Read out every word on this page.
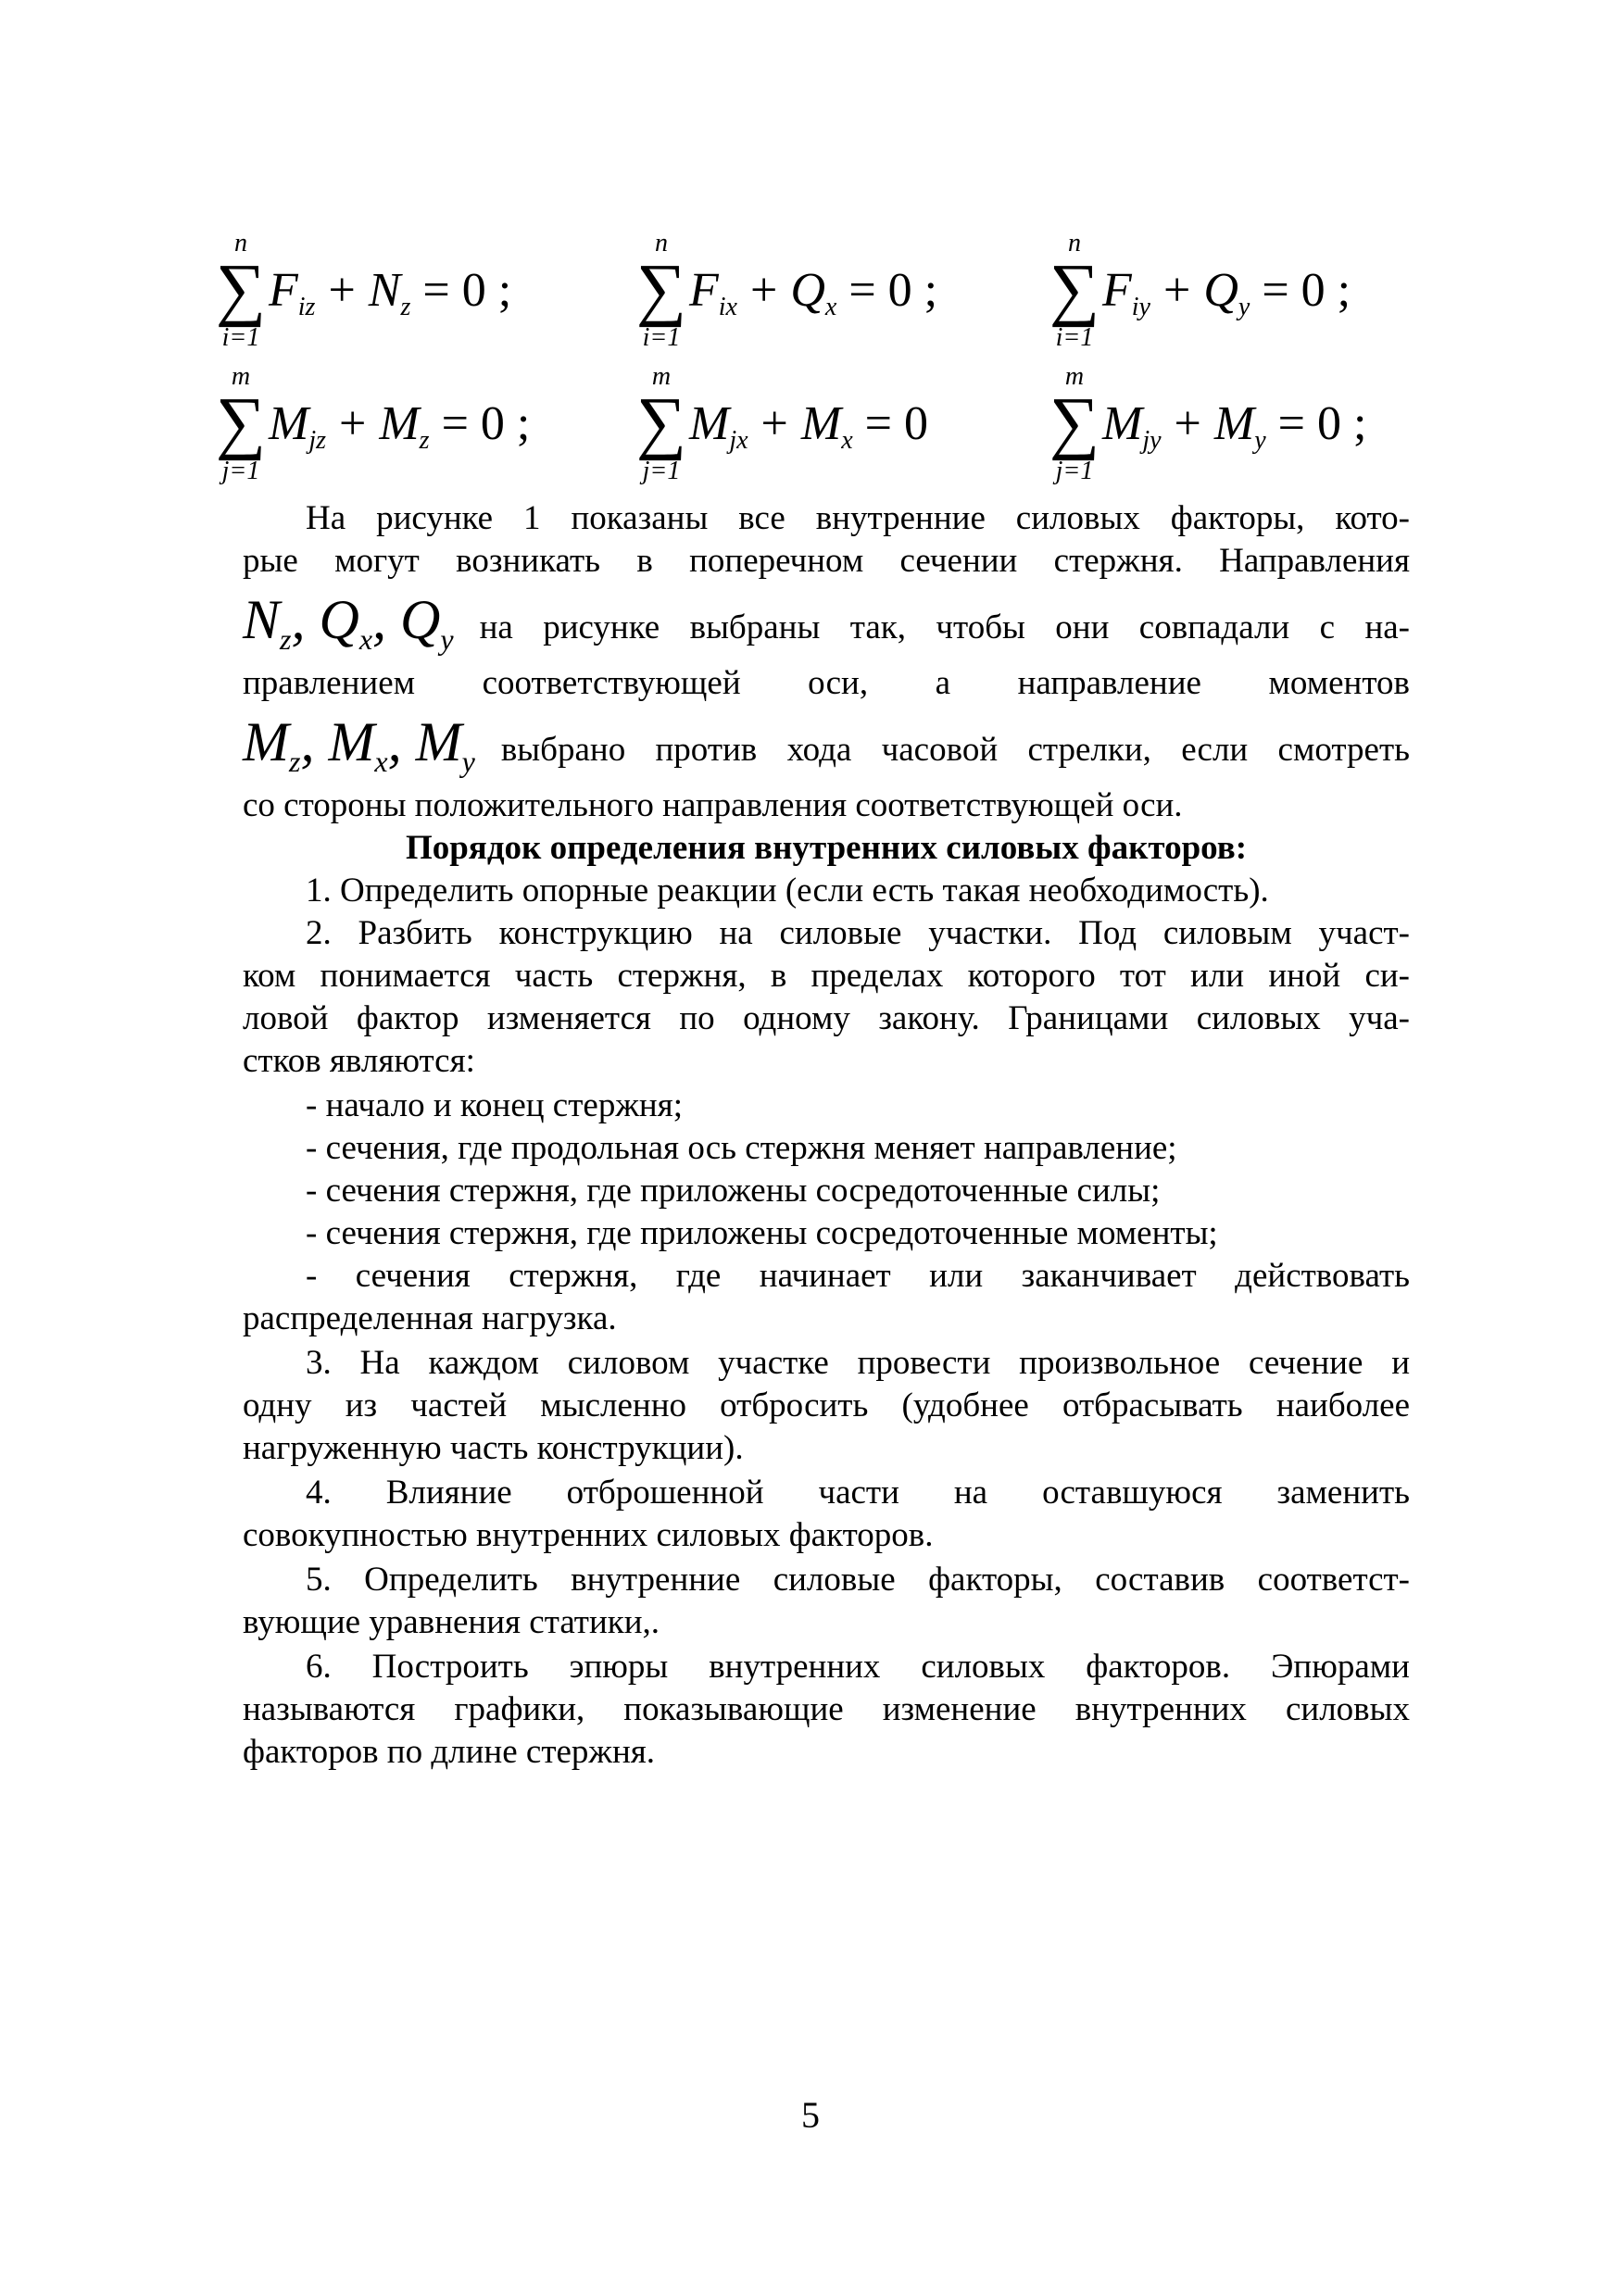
n
∑
i=1
$F_{iz} + N_z = 0$ ;
n
∑
i=1
$F_{ix} + Q_x = 0$ ;
n
∑
i=1
$F_{iy} + Q_y = 0$ ;
m
∑
j=1
$M_{jz} + M_z = 0$ ;
m
∑
j=1
$M_{jx} + M_x = 0$
m
∑
j=1
$M_{jy} + M_y = 0$ ;
На рисунке 1 показаны все внутренние силовых факторы, кото-
рые могут возникать в поперечном сечении стержня. Направления
$N_z$, $Q_x$, $Q_y$ на рисунке выбраны так, чтобы они совпадали с на-
правлением соответствующей оси, а направление моментов
$M_z$, $M_x$, $M_y$ выбрано против хода часовой стрелки, если смотреть
со стороны положительного направления соответствующей оси.
Порядок определения внутренних силовых факторов:
1. Определить опорные реакции (если есть такая необходимость).
2. Разбить конструкцию на силовые участки. Под силовым участ-
ком понимается часть стержня, в пределах которого тот или иной си-
ловой фактор изменяется по одному закону. Границами силовых уча-
стков являются:
- начало и конец стержня;
- сечения, где продольная ось стержня меняет направление;
- сечения стержня, где приложены сосредоточенные силы;
- сечения стержня, где приложены сосредоточенные моменты;
- сечения стержня, где начинает или заканчивает действовать
распределенная нагрузка.
3. На каждом силовом участке провести произвольное сечение и
одну из частей мысленно отбросить (удобнее отбрасывать наиболее
нагруженную часть конструкции).
4. Влияние отброшенной части на оставшуюся заменить
совокупностью внутренних силовых факторов.
5. Определить внутренние силовые факторы, составив соответст-
вующие уравнения статики,.
6. Построить эпюры внутренних силовых факторов. Эпюрами
называются графики, показывающие изменение внутренних силовых
факторов по длине стержня.
5
